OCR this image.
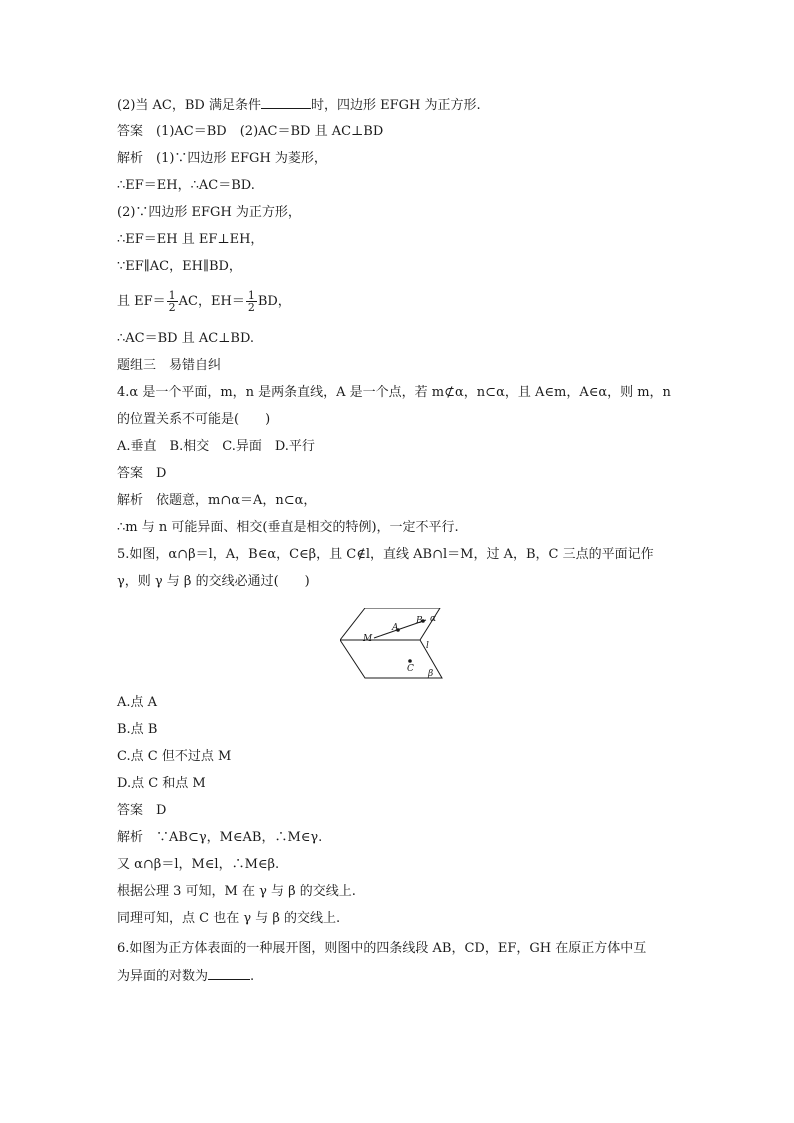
(2)当 AC，BD 满足条件	时，四边形 EFGH 为正方形.
答案　(1)AC＝BD　(2)AC＝BD 且 AC⊥BD
解析　(1)∵四边形 EFGH 为菱形，
∴EF＝EH，∴AC＝BD.
(2)∵四边形 EFGH 为正方形，
∴EF＝EH 且 EF⊥EH，
∵EF∥AC，EH∥BD，
且 $EF= \frac{1}{2}$ AC，$EH= \frac{1}{2}$ BD，
∴AC＝BD 且 AC⊥BD.
题组三　易错自纠
4.α 是一个平面，m，n 是两条直线，A 是一个点，若 m⊄α，n⊂α，且 A∈m，A∈α，则 m，n
的位置关系不可能是(　　)
A.垂直　B.相交　C.异面　D.平行
答案　D
解析　依题意，m∩α＝A，n⊂α，
∴m 与 n 可能异面、相交(垂直是相交的特例)，一定不平行.
5.如图，α∩β＝l，A，B∈α，C∈β，且 C∉l，直线 AB∩l＝M，过 A，B，C 三点的平面记作
γ，则 γ 与 β 的交线必通过(　　)
M
A
B α
l
C β
A.点 A
B.点 B
C.点 C 但不过点 M
D.点 C 和点 M
答案　D
解析　∵AB⊂γ，M∈AB，∴M∈γ.
又 α∩β＝l，M∈l，∴M∈β.
根据公理 3 可知，M 在 γ 与 β 的交线上.
同理可知，点 C 也在 γ 与 β 的交线上.
6.如图为正方体表面的一种展开图，则图中的四条线段 AB，CD，EF，GH 在原正方体中互
为异面的对数为	.
